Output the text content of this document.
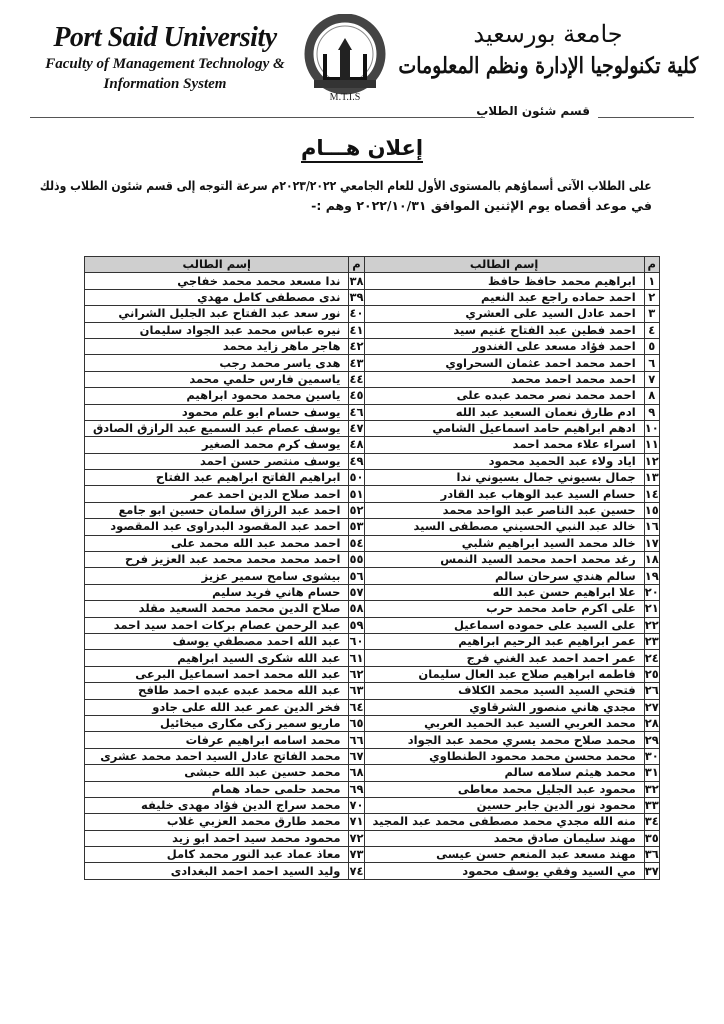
Port Said University
Faculty of Management Technology &
Information System
M.T.I.S
جامعة بورسعيد
كلية تكنولوجيا الإدارة ونظم المعلومات
قسم شئون الطلاب
إعلان هـــام
على الطلاب الآتى أسماؤهم بالمستوى الأول للعام الجامعي ٢٠٢٣/٢٠٢٢م سرعة التوجه إلى قسم شئون الطلاب وذلك
في موعد أقصاه يوم الإثنين الموافق ٢٠٢٢/١٠/٣١ وهم :-
م	إسم الطالب	م	إسم الطالب
١	ابراهيم محمد حافظ حافظ	٣٨	ندا مسعد محمد محمد خفاجي
٢	احمد حماده راجع عبد النعيم	٣٩	ندى مصطفى كامل مهدي
٣	احمد عادل السيد على العشري	٤٠	نور سعد عبد الفتاح عبد الجليل الشراني
٤	احمد فطين عبد الفتاح غنيم سيد	٤١	نيره عباس محمد عبد الجواد سليمان
٥	احمد فؤاد مسعد على الغندور	٤٢	هاجر ماهر زايد محمد
٦	احمد محمد احمد عثمان السحراوي	٤٣	هدى ياسر محمد رجب
٧	احمد محمد احمد محمد	٤٤	ياسمين فارس حلمي محمد
٨	احمد محمد نصر محمد عبده على	٤٥	ياسين محمد محمود ابراهيم
٩	ادم طارق نعمان السعيد عبد الله	٤٦	يوسف حسام ابو علم محمود
١٠	ادهم ابراهيم حامد اسماعيل الشامي	٤٧	يوسف عصام عبد السميع عبد الرازق الصادق
١١	اسراء علاء محمد احمد	٤٨	يوسف كرم محمد الصغير
١٢	اياد ولاء عبد الحميد محمود	٤٩	يوسف منتصر حسن احمد
١٣	جمال بسيوني جمال بسيوني ندا	٥٠	ابراهيم الفاتح ابراهيم عبد الفتاح
١٤	حسام السيد عبد الوهاب عبد القادر	٥١	احمد صلاح الدين احمد عمر
١٥	حسين عبد الناصر عبد الواحد محمد	٥٢	احمد عبد الرزاق سلمان حسين ابو جامع
١٦	خالد عبد النبي الحسيني مصطفى السيد	٥٣	احمد عبد المقصود البدراوى عبد المقصود
١٧	خالد محمد السيد ابراهيم شلبي	٥٤	احمد محمد عبد الله محمد على
١٨	رغد محمد احمد محمد السيد النمس	٥٥	احمد محمد محمد محمد عبد العزيز فرح
١٩	سالم هندي سرحان سالم	٥٦	بيشوى سامح سمير عزيز
٢٠	علا ابراهيم حسن عبد الله	٥٧	حسام هاني فريد سليم
٢١	على اكرم حامد محمد حرب	٥٨	صلاح الدين محمد محمد السعيد مقلد
٢٢	على السيد على حموده اسماعيل	٥٩	عبد الرحمن عصام بركات احمد سيد احمد
٢٣	عمر ابراهيم عبد الرحيم ابراهيم	٦٠	عبد الله احمد مصطفي يوسف
٢٤	عمر احمد احمد عبد الغني فرج	٦١	عبد الله شكرى السيد ابراهيم
٢٥	فاطمه ابراهيم صلاح عبد العال سليمان	٦٢	عبد الله محمد احمد اسماعيل البرعى
٢٦	فتحي السيد السيد محمد الكلاف	٦٣	عبد الله محمد عبده عبده احمد طافح
٢٧	مجدي هاني منصور الشرقاوي	٦٤	فخر الدين عمر عبد الله على جادو
٢٨	محمد العربي السيد عبد الحميد العربي	٦٥	ماريو سمير زكى مكارى ميخائيل
٢٩	محمد صلاح محمد يسري محمد عبد الجواد	٦٦	محمد اسامه ابراهيم عرفات
٣٠	محمد محسن محمد محمود الطنطاوي	٦٧	محمد الفاتح عادل السيد احمد محمد عشرى
٣١	محمد هيثم سلامه سالم	٦٨	محمد حسين عبد الله حبشى
٣٢	محمود عبد الجليل محمد معاطى	٦٩	محمد حلمى حماد همام
٣٣	محمود نور الدين جابر حسين	٧٠	محمد سراج الدين فؤاد مهدى خليفه
٣٤	منه الله مجدي محمد مصطفى محمد عبد المجيد	٧١	محمد طارق محمد العزبي غلاب
٣٥	مهند سليمان صادق محمد	٧٢	محمود محمد سيد احمد ابو زيد
٣٦	مهند مسعد عبد المنعم حسن عيسى	٧٣	معاذ عماد عبد النور محمد كامل
٣٧	مي السيد وفقي يوسف محمود	٧٤	وليد السيد احمد احمد البغدادى
